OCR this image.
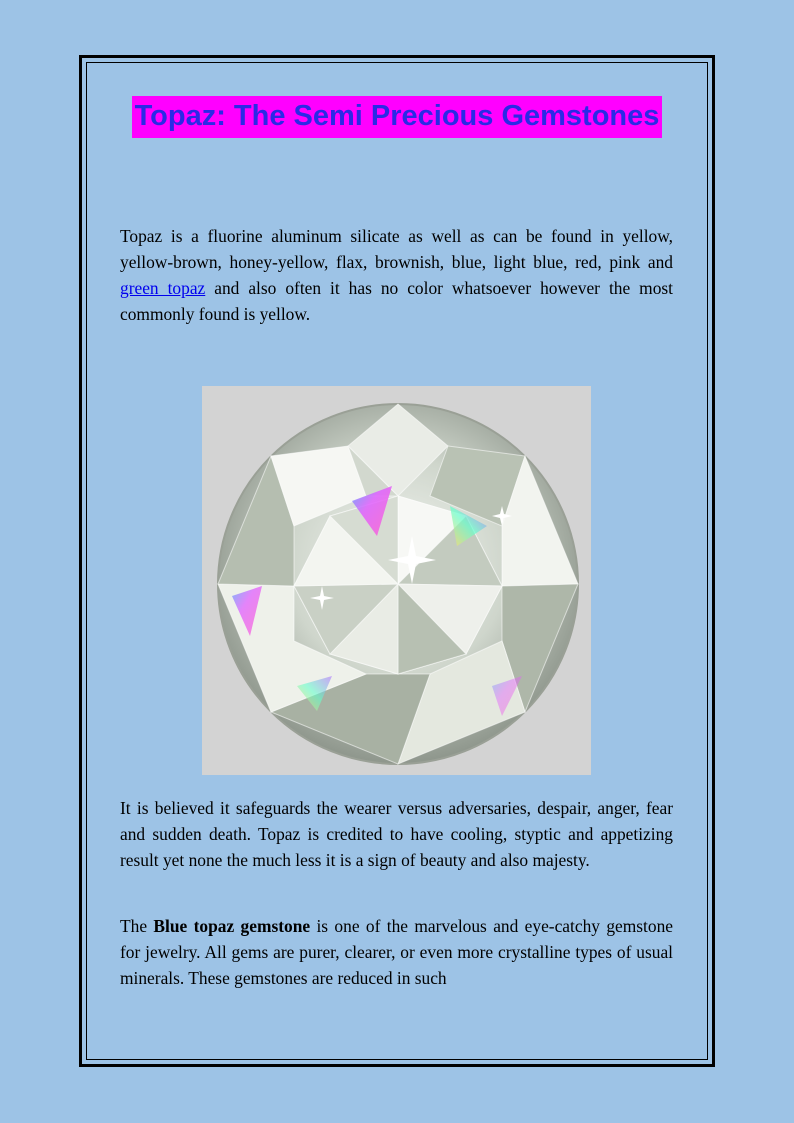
Topaz: The Semi Precious Gemstones

Topaz is a fluorine aluminum silicate as well as can be found in yellow, yellow-brown, honey-yellow, flax, brownish, blue, light blue, red, pink and green topaz and also often it has no color whatsoever however the most commonly found is yellow.

It is believed it safeguards the wearer versus adversaries, despair, anger, fear and sudden death. Topaz is credited to have cooling, styptic and appetizing result yet none the much less it is a sign of beauty and also majesty.

The Blue topaz gemstone is one of the marvelous and eye-catchy gemstone for jewelry. All gems are purer, clearer, or even more crystalline types of usual minerals. These gemstones are reduced in such
